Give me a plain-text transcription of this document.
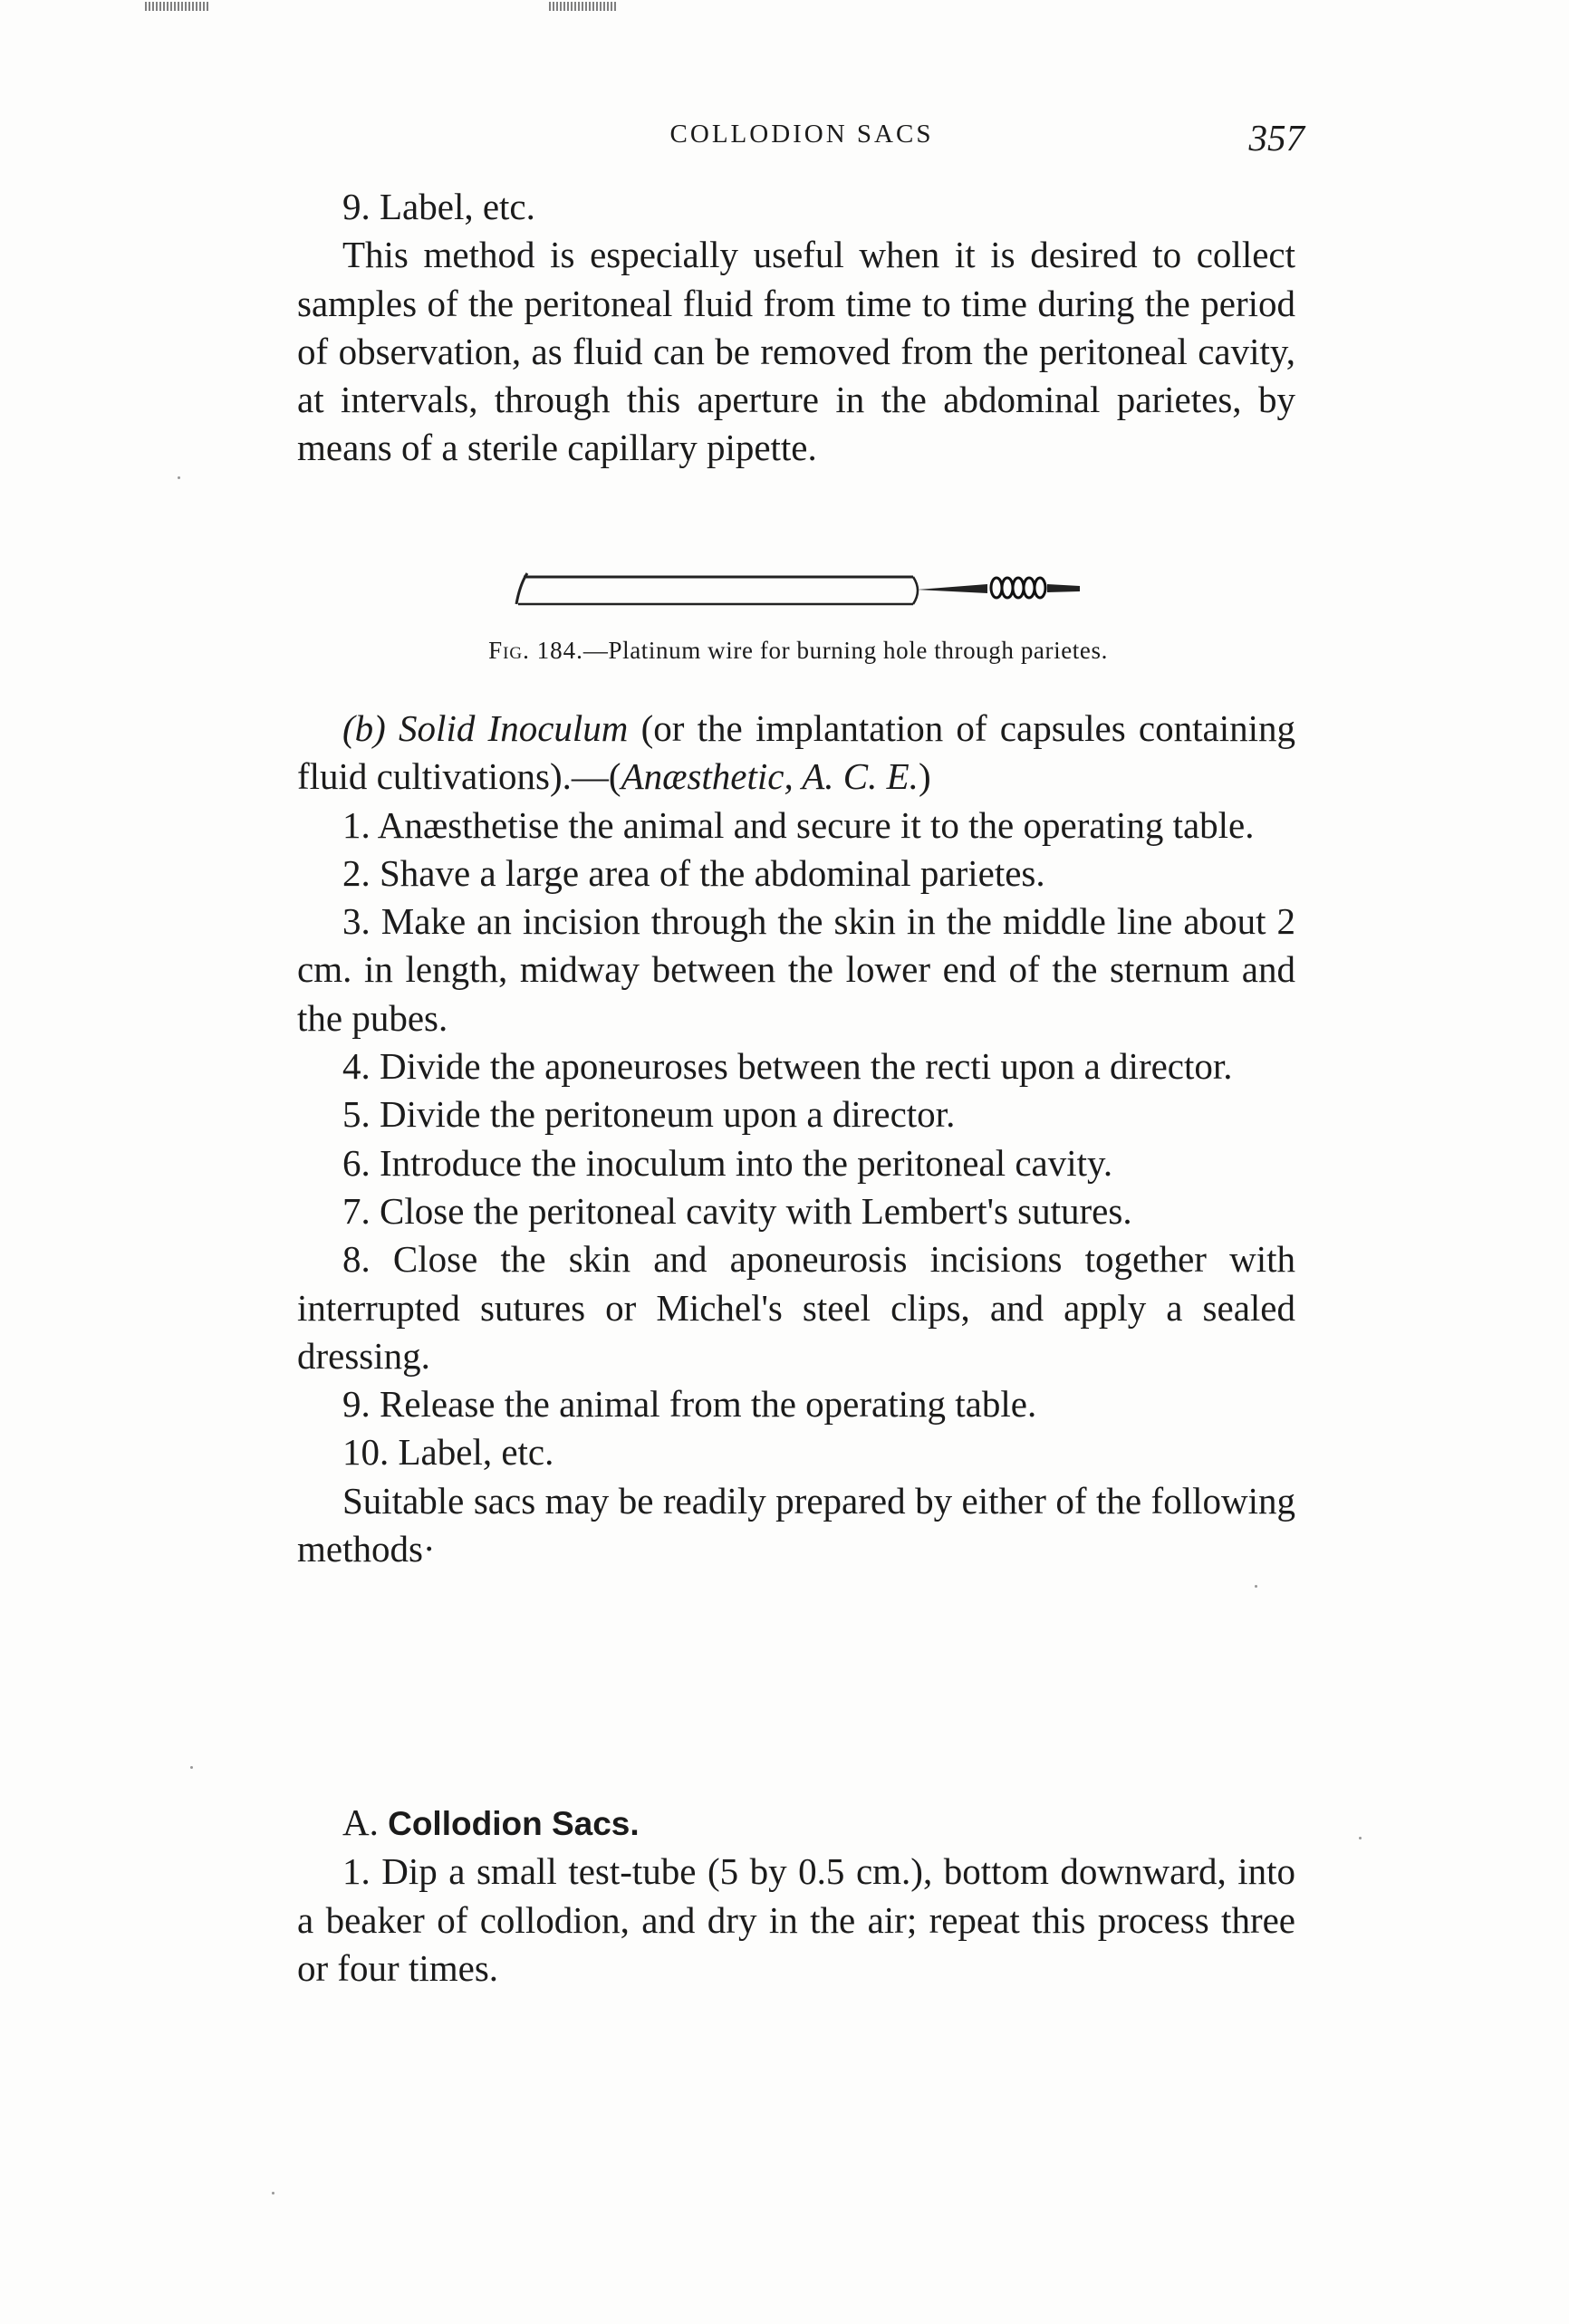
COLLODION SACS	357

9. Label, etc.

This method is especially useful when it is desired to collect samples of the peritoneal fluid from time to time during the period of observation, as fluid can be removed from the peritoneal cavity, at intervals, through this aperture in the abdominal parietes, by means of a sterile capillary pipette.

Fig. 184.—Platinum wire for burning hole through parietes.

(b) Solid Inoculum (or the implantation of capsules containing fluid cultivations).—(Anæsthetic, A. C. E.)

1. Anæsthetise the animal and secure it to the operating table.

2. Shave a large area of the abdominal parietes.

3. Make an incision through the skin in the middle line about 2 cm. in length, midway between the lower end of the sternum and the pubes.

4. Divide the aponeuroses between the recti upon a director.

5. Divide the peritoneum upon a director.

6. Introduce the inoculum into the peritoneal cavity.

7. Close the peritoneal cavity with Lembert's sutures.

8. Close the skin and aponeurosis incisions together with interrupted sutures or Michel's steel clips, and apply a sealed dressing.

9. Release the animal from the operating table.

10. Label, etc.

Suitable sacs may be readily prepared by either of the following methods·

A. Collodion Sacs.

1. Dip a small test-tube (5 by 0.5 cm.), bottom downward, into a beaker of collodion, and dry in the air; repeat this process three or four times.
